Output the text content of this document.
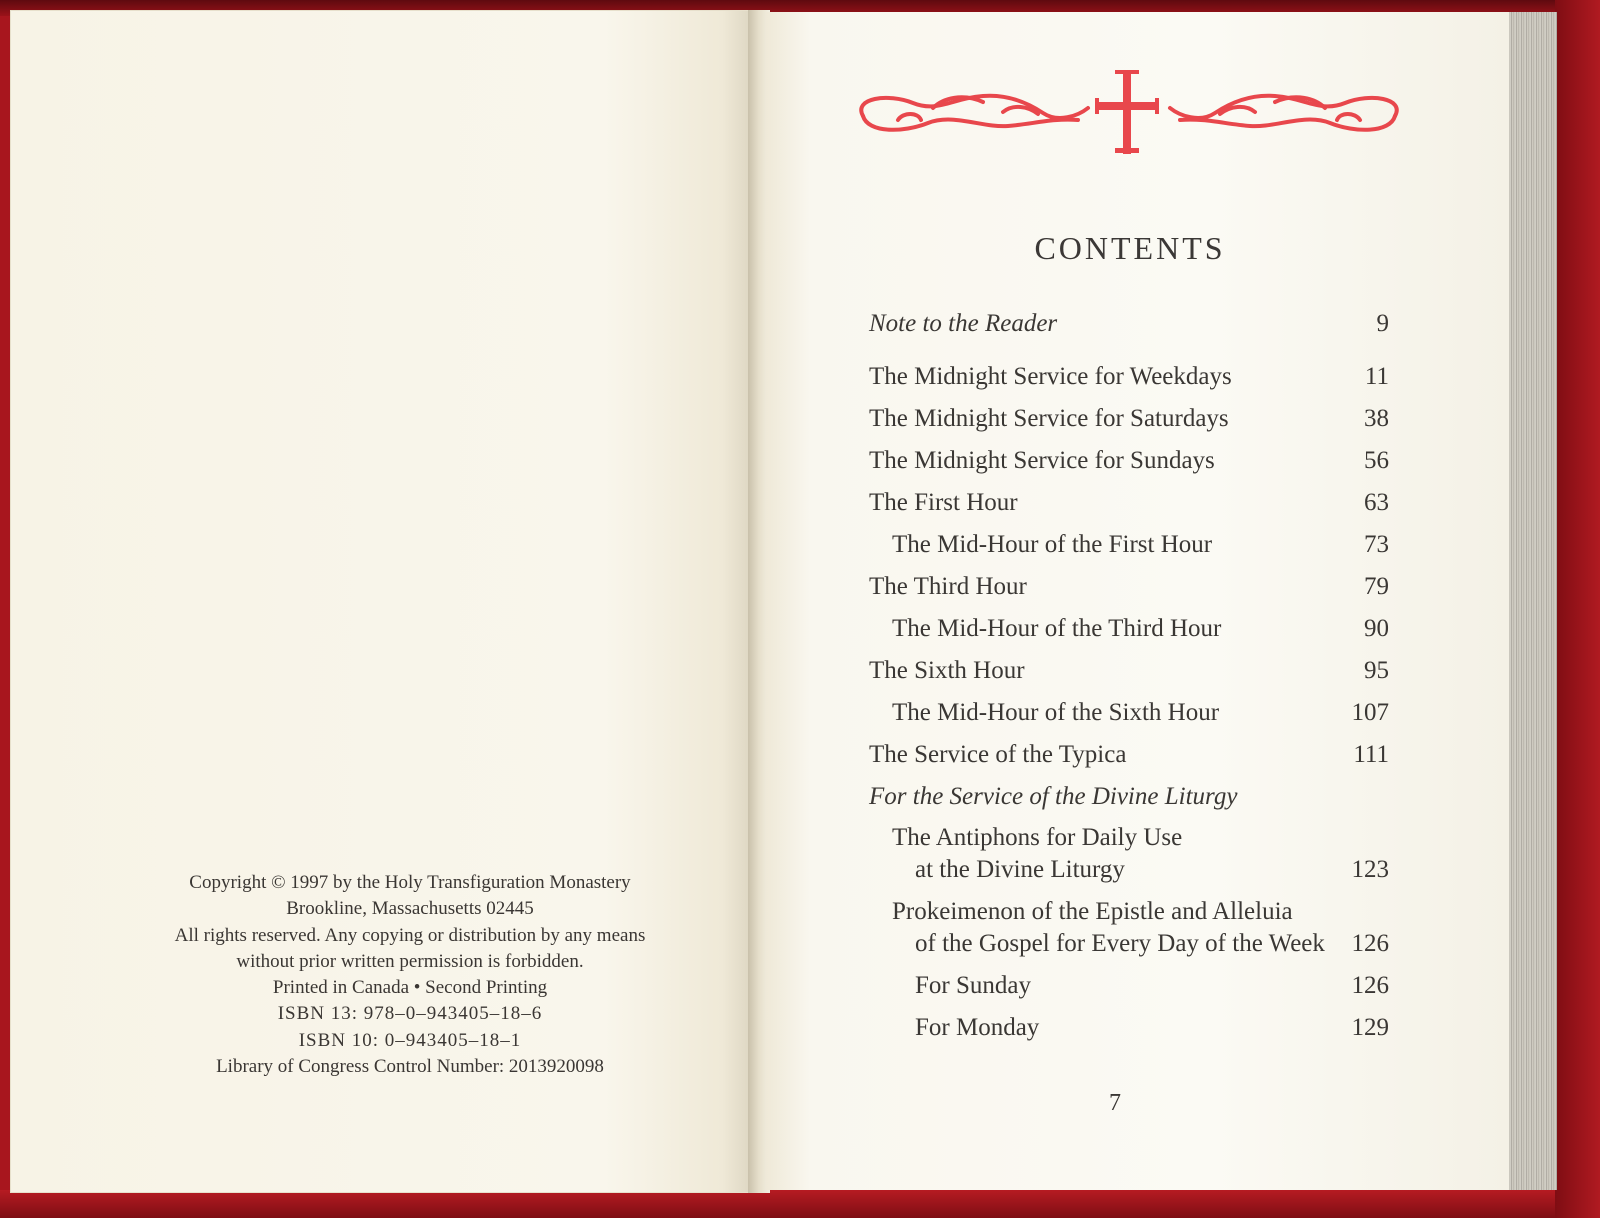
Copyright © 1997 by the Holy Transfiguration Monastery
Brookline, Massachusetts 02445
All rights reserved. Any copying or distribution by any means
without prior written permission is forbidden.
Printed in Canada • Second Printing
ISBN 13: 978–0–943405–18–6
ISBN 10: 0–943405–18–1
Library of Congress Control Number: 2013920098
CONTENTS
Note to the Reader	9
The Midnight Service for Weekdays	11
The Midnight Service for Saturdays	38
The Midnight Service for Sundays	56
The First Hour	63
The Mid-Hour of the First Hour	73
The Third Hour	79
The Mid-Hour of the Third Hour	90
The Sixth Hour	95
The Mid-Hour of the Sixth Hour	107
The Service of the Typica	111
For the Service of the Divine Liturgy
The Antiphons for Daily Use
at the Divine Liturgy	123
Prokeimenon of the Epistle and Alleluia
of the Gospel for Every Day of the Week 126
For Sunday	126
For Monday	129
7
